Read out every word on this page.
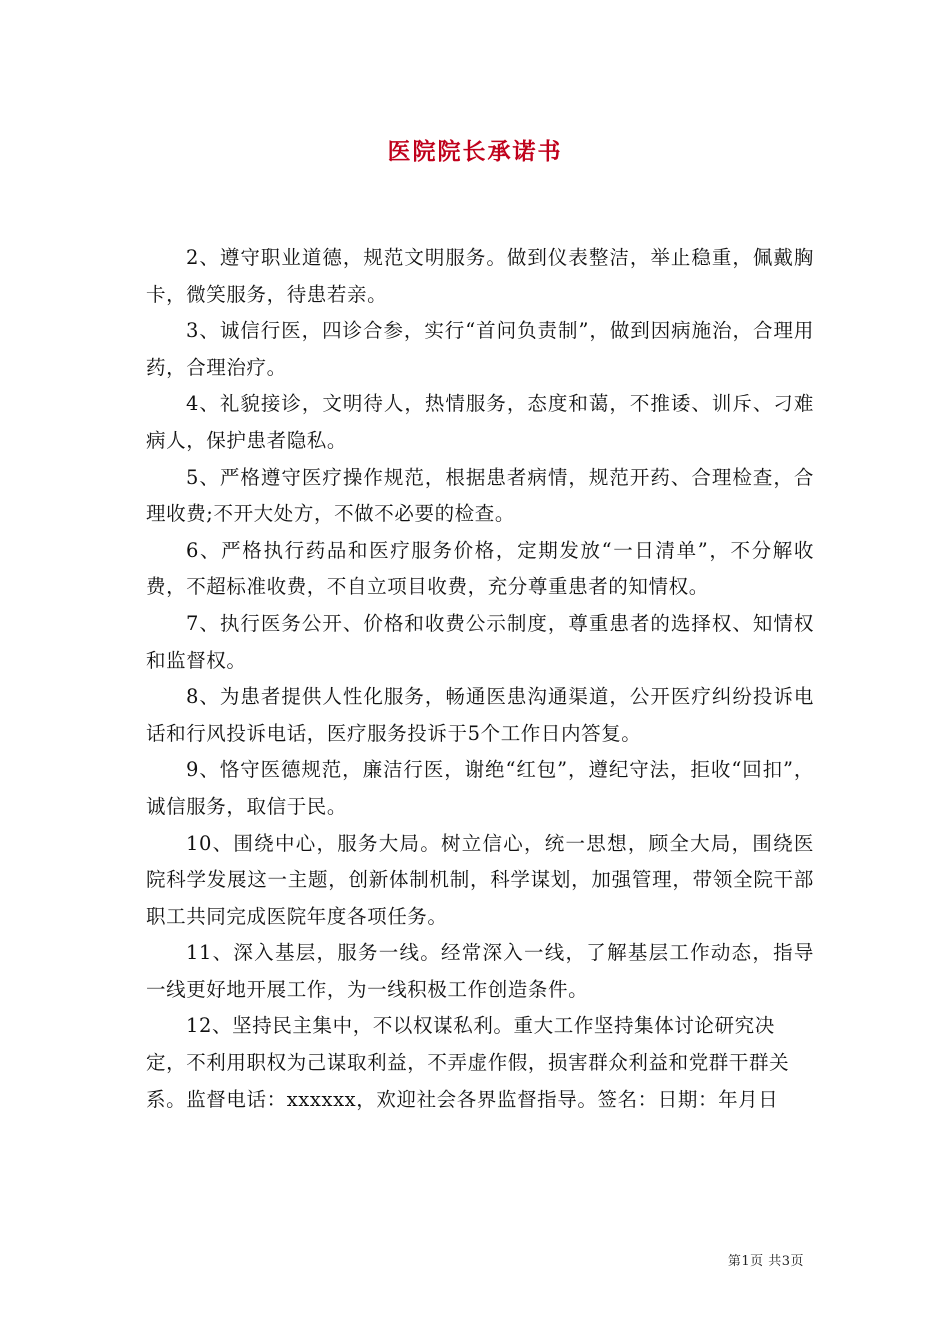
医院院长承诺书

2、遵守职业道德，规范文明服务。做到仪表整洁，举止稳重，佩戴胸卡，微笑服务，待患若亲。

3、诚信行医，四诊合参，实行“首问负责制”，做到因病施治，合理用药，合理治疗。

4、礼貌接诊，文明待人，热情服务，态度和蔼，不推诿、训斥、刁难病人，保护患者隐私。

5、严格遵守医疗操作规范，根据患者病情，规范开药、合理检查，合理收费;不开大处方，不做不必要的检查。

6、严格执行药品和医疗服务价格，定期发放“一日清单”，不分解收费，不超标准收费，不自立项目收费，充分尊重患者的知情权。

7、执行医务公开、价格和收费公示制度，尊重患者的选择权、知情权和监督权。

8、为患者提供人性化服务，畅通医患沟通渠道，公开医疗纠纷投诉电话和行风投诉电话，医疗服务投诉于5个工作日内答复。

9、恪守医德规范，廉洁行医，谢绝“红包”，遵纪守法，拒收“回扣”，诚信服务，取信于民。

10、围绕中心，服务大局。树立信心，统一思想，顾全大局，围绕医院科学发展这一主题，创新体制机制，科学谋划，加强管理，带领全院干部职工共同完成医院年度各项任务。

11、深入基层，服务一线。经常深入一线，了解基层工作动态，指导一线更好地开展工作，为一线积极工作创造条件。

12、坚持民主集中，不以权谋私利。重大工作坚持集体讨论研究决定，不利用职权为己谋取利益，不弄虚作假，损害群众利益和党群干群关系。监督电话：xxxxxx，欢迎社会各界监督指导。签名：日期：年月日

第1页 共3页
